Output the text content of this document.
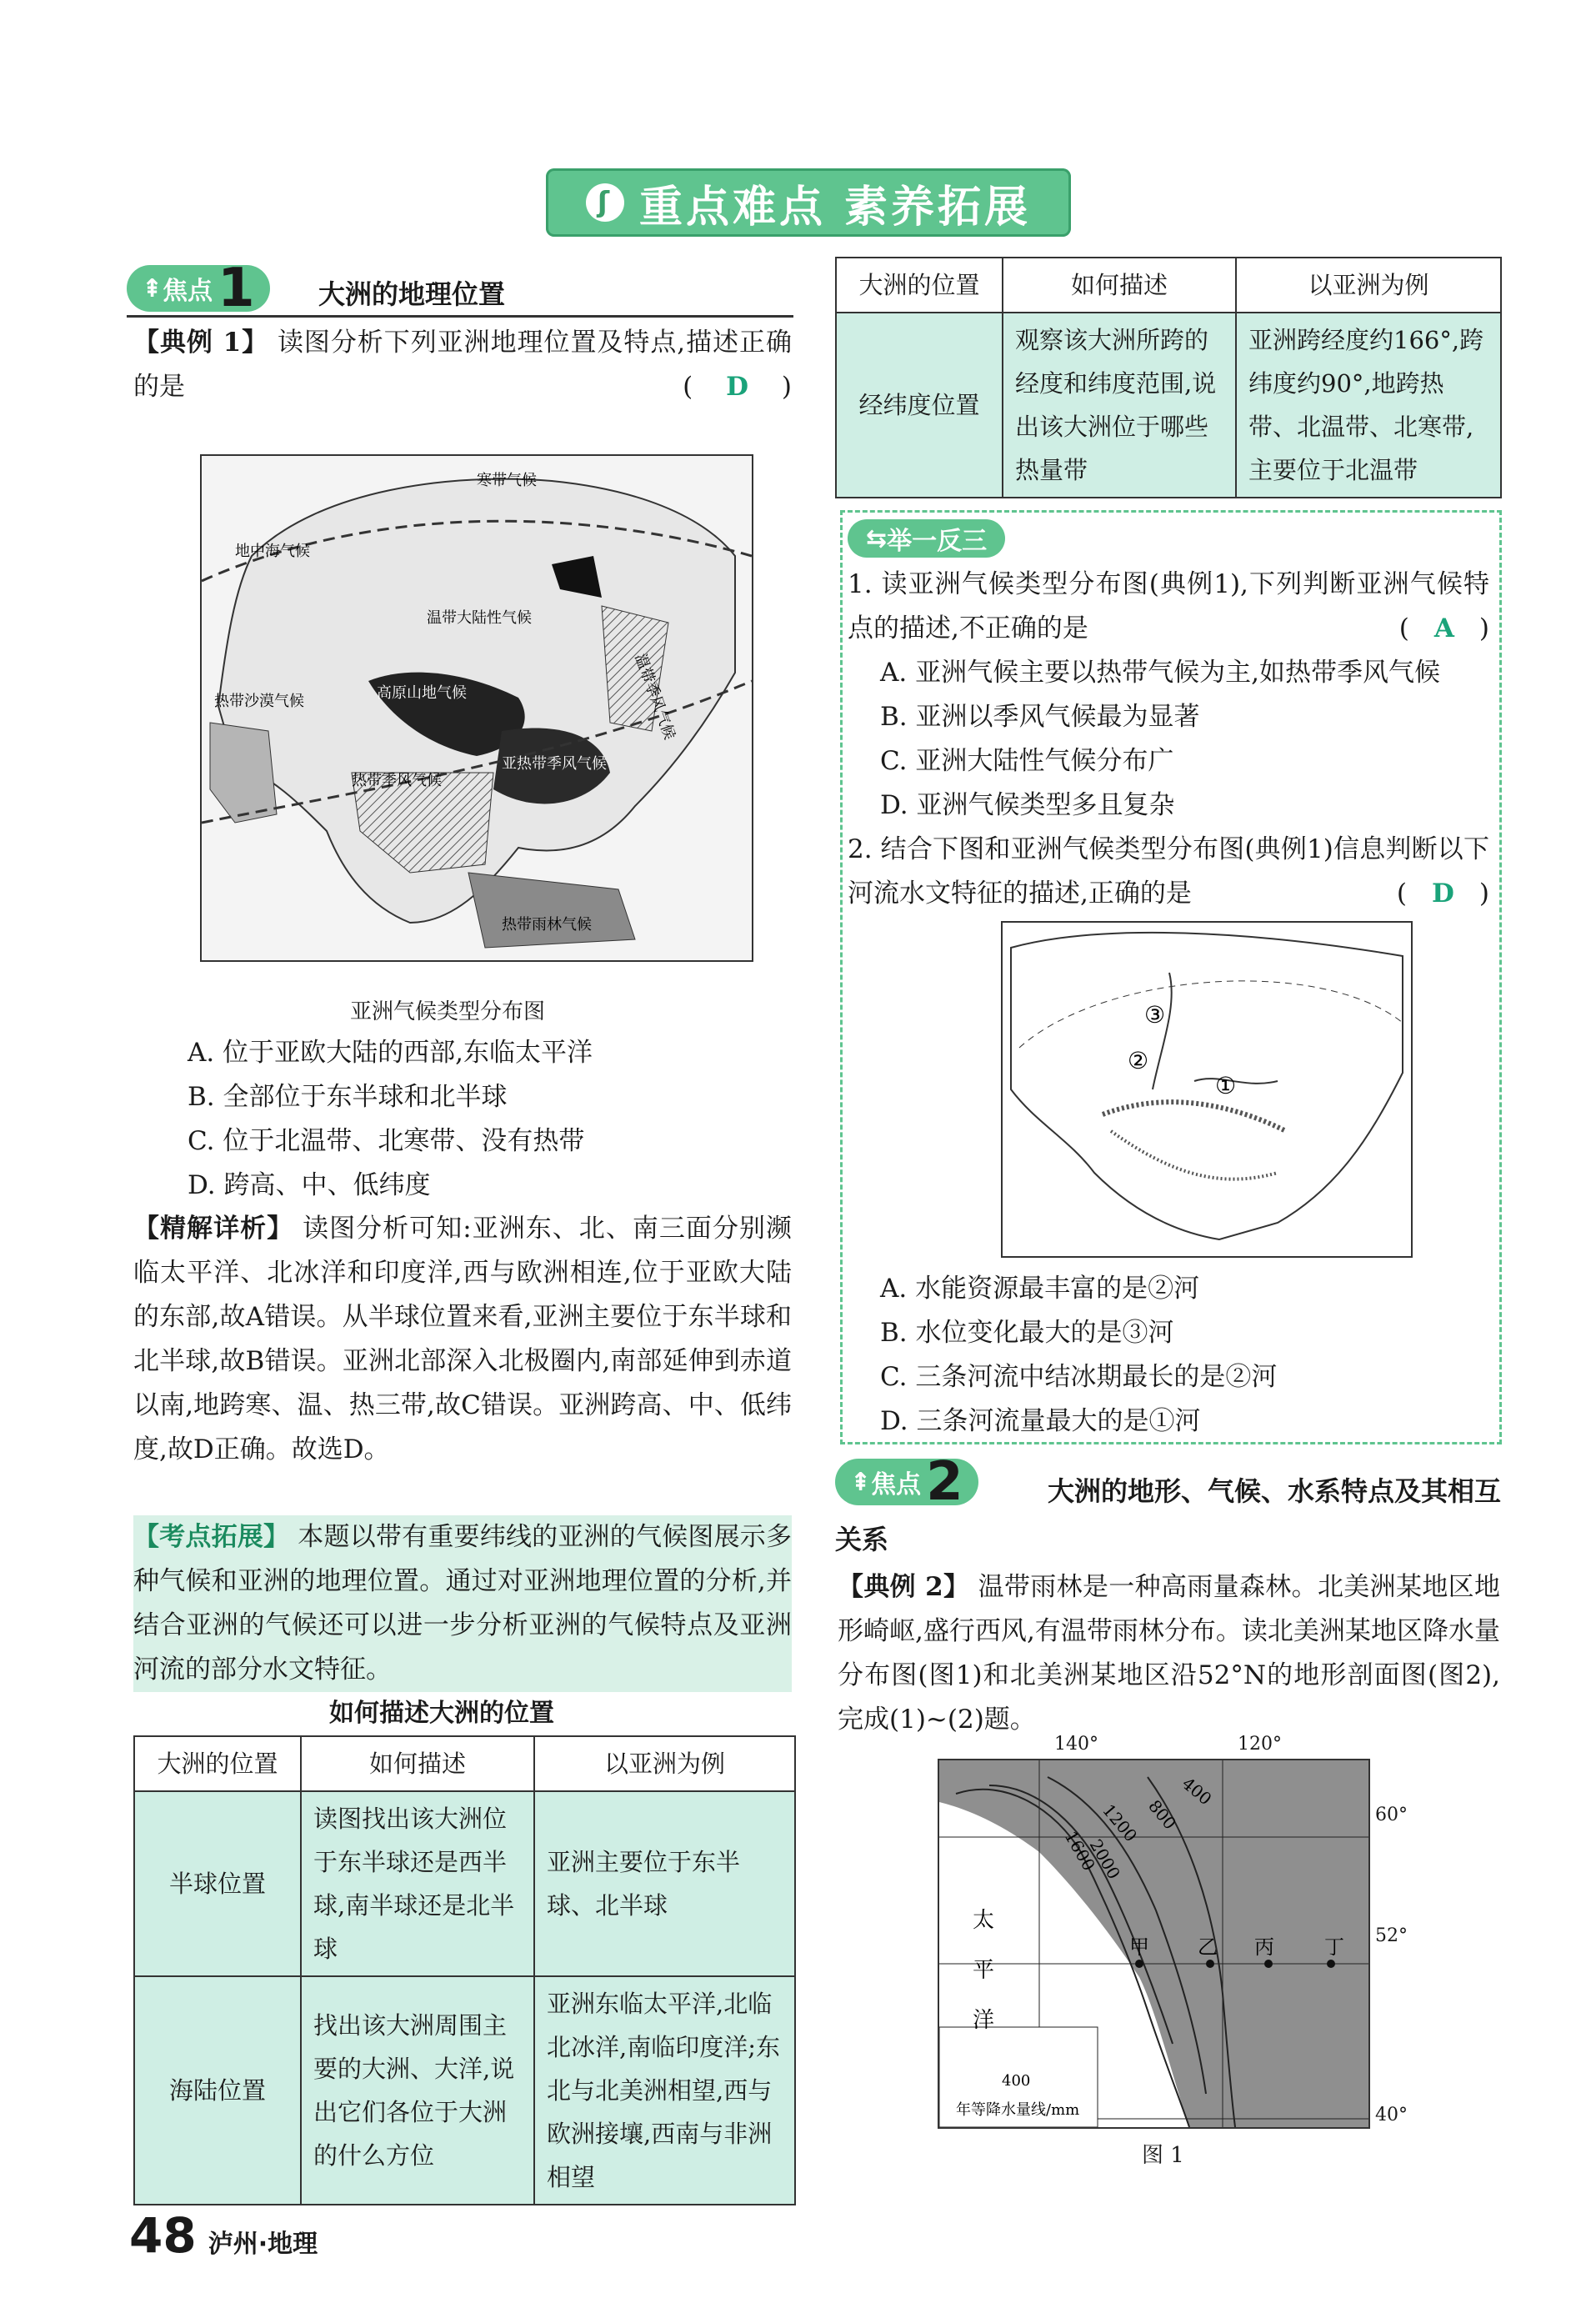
ʃ 重点难点 素养拓展
⇞ 焦点 1 大洲的地理位置
【典例 1】 读图分析下列亚洲地理位置及特点,描述正确的是	( D )
寒带气候
地中海气候
温带大陆性气候
温带季风气候
热带沙漠气候	高原山地气候
热带季风气候
亚热带季风气候
热带雨林气候
亚洲气候类型分布图
A. 位于亚欧大陆的西部,东临太平洋
B. 全部位于东半球和北半球
C. 位于北温带、北寒带、没有热带
D. 跨高、中、低纬度
【精解详析】 读图分析可知:亚洲东、北、南三面分别濒临太平洋、北冰洋和印度洋,西与欧洲相连,位于亚欧大陆的东部,故A错误。从半球位置来看,亚洲主要位于东半球和北半球,故B错误。亚洲北部深入北极圈内,南部延伸到赤道以南,地跨寒、温、热三带,故C错误。亚洲跨高、中、低纬度,故D正确。故选D。
【考点拓展】 本题以带有重要纬线的亚洲的气候图展示多种气候和亚洲的地理位置。通过对亚洲地理位置的分析,并结合亚洲的气候还可以进一步分析亚洲的气候特点及亚洲河流的部分水文特征。
如何描述大洲的位置
大洲的位置	如何描述	以亚洲为例
半球位置	读图找出该大洲位于东半球还是西半球,南半球还是北半球	亚洲主要位于东半球、北半球
海陆位置	找出该大洲周围主要的大洲、大洋,说出它们各位于大洲的什么方位	亚洲东临太平洋,北临北冰洋,南临印度洋;东北与北美洲相望,西与欧洲接壤,西南与非洲相望
48 泸州·地理
大洲的位置	如何描述	以亚洲为例
经纬度位置	观察该大洲所跨的经度和纬度范围,说出该大洲位于哪些热量带	亚洲跨经度约166°,跨纬度约90°,地跨热带、北温带、北寒带,主要位于北温带
⇆ 举一反三
1. 读亚洲气候类型分布图(典例1),下列判断亚洲气候特点的描述,不正确的是	( A )
A. 亚洲气候主要以热带气候为主,如热带季风气候
B. 亚洲以季风气候最为显著
C. 亚洲大陆性气候分布广
D. 亚洲气候类型多且复杂
2. 结合下图和亚洲气候类型分布图(典例1)信息判断以下河流水文特征的描述,正确的是	( D )
③
②
①
A. 水能资源最丰富的是②河
B. 水位变化最大的是③河
C. 三条河流中结冰期最长的是②河
D. 三条河流量最大的是①河
⇞ 焦点 2	大洲的地形、气候、水系特点及其相互关系
【典例 2】 温带雨林是一种高雨量森林。北美洲某地区地形崎岖,盛行西风,有温带雨林分布。读北美洲某地区降水量分布图(图1)和北美洲某地区沿52°N的地形剖面图(图2),完成(1)~(2)题。
140°	120°
60°
52°
40°
1600
2000
1200 800
400
甲 乙 丙	丁
太
平
洋
400
年等降水量线/mm
图 1
